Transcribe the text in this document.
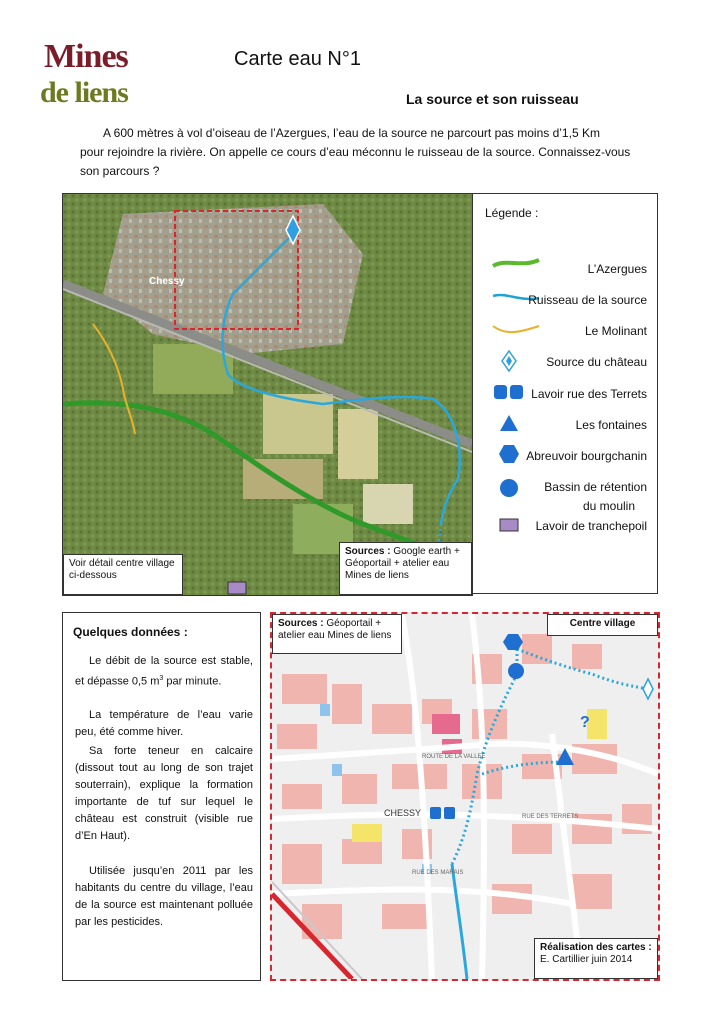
Mines
de liens
Carte eau N°1
La source et son ruisseau

A 600 mètres à vol d’oiseau de l’Azergues, l’eau de la source ne parcourt pas moins d’1,5 Km

pour rejoindre la rivière. On appelle ce cours d’eau méconnu le ruisseau de la source. Connaissez-vous

son parcours ?

Chessy
Voir détail centre village ci-dessous
Sources : Google earth + Géoportail + atelier eau Mines de liens
Légende :
L’Azergues
Ruisseau de la source
Le Molinant
Source du château
Lavoir rue des Terrets
Les fontaines
Abreuvoir bourgchanin
Bassin de rétention
du moulin
Lavoir de tranchepoil
Quelques données :
Le débit de la source est stable, et dépasse 0,5 $m^3$ par minute.
La température de l’eau varie peu, été comme hiver.
Sa forte teneur en calcaire (dissout tout au long de son trajet souterrain), explique la formation importante de tuf sur lequel le château est construit (visible rue d’En Haut).
Utilisée jusqu’en 2011 par les habitants du centre du village, l’eau de la source est maintenant polluée par les pesticides.
?
CHESSY
RUE DES MARAIS
RUE DES TERRETS
ROUTE DE LA VALLEE
Sources : Géoportail + atelier eau Mines de liens
Centre village
Réalisation des cartes :
E. Cartillier juin 2014
